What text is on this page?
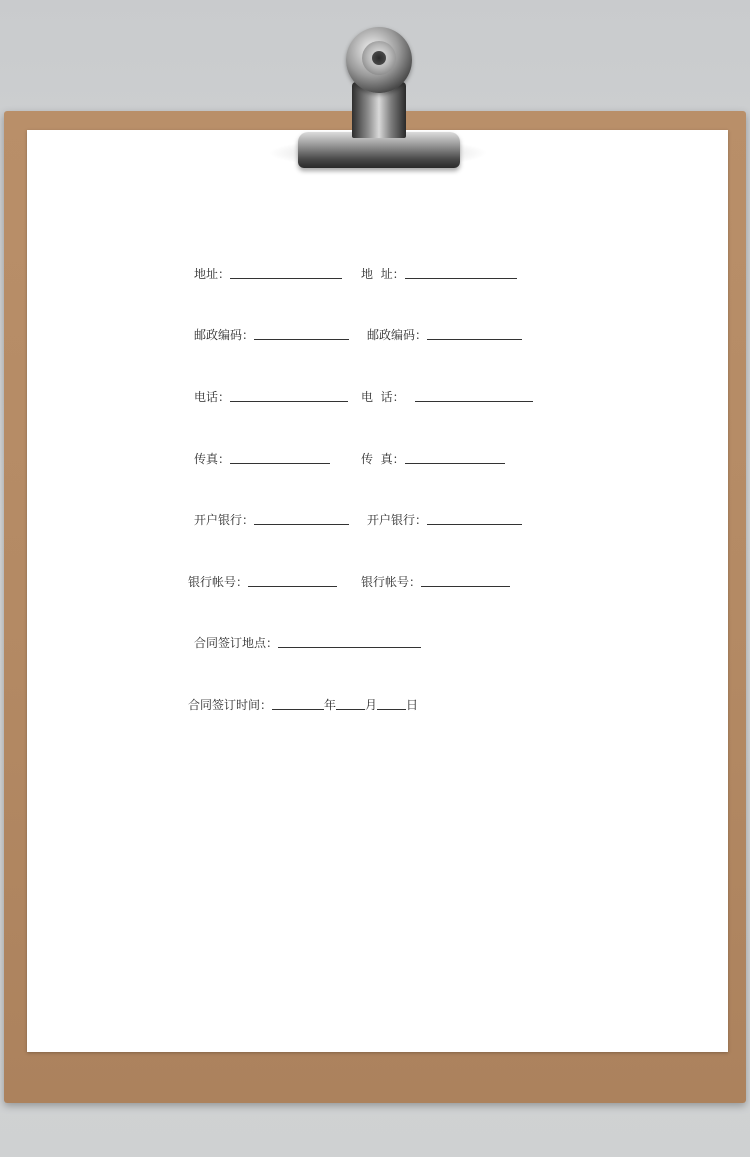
地址：	地  址：
邮政编码：	邮政编码：
电话：	电  话：
传真：	传  真：
开户银行：	开户银行：
银行帐号：	银行帐号：
合同签订地点：
合同签订时间：	年 月 日
